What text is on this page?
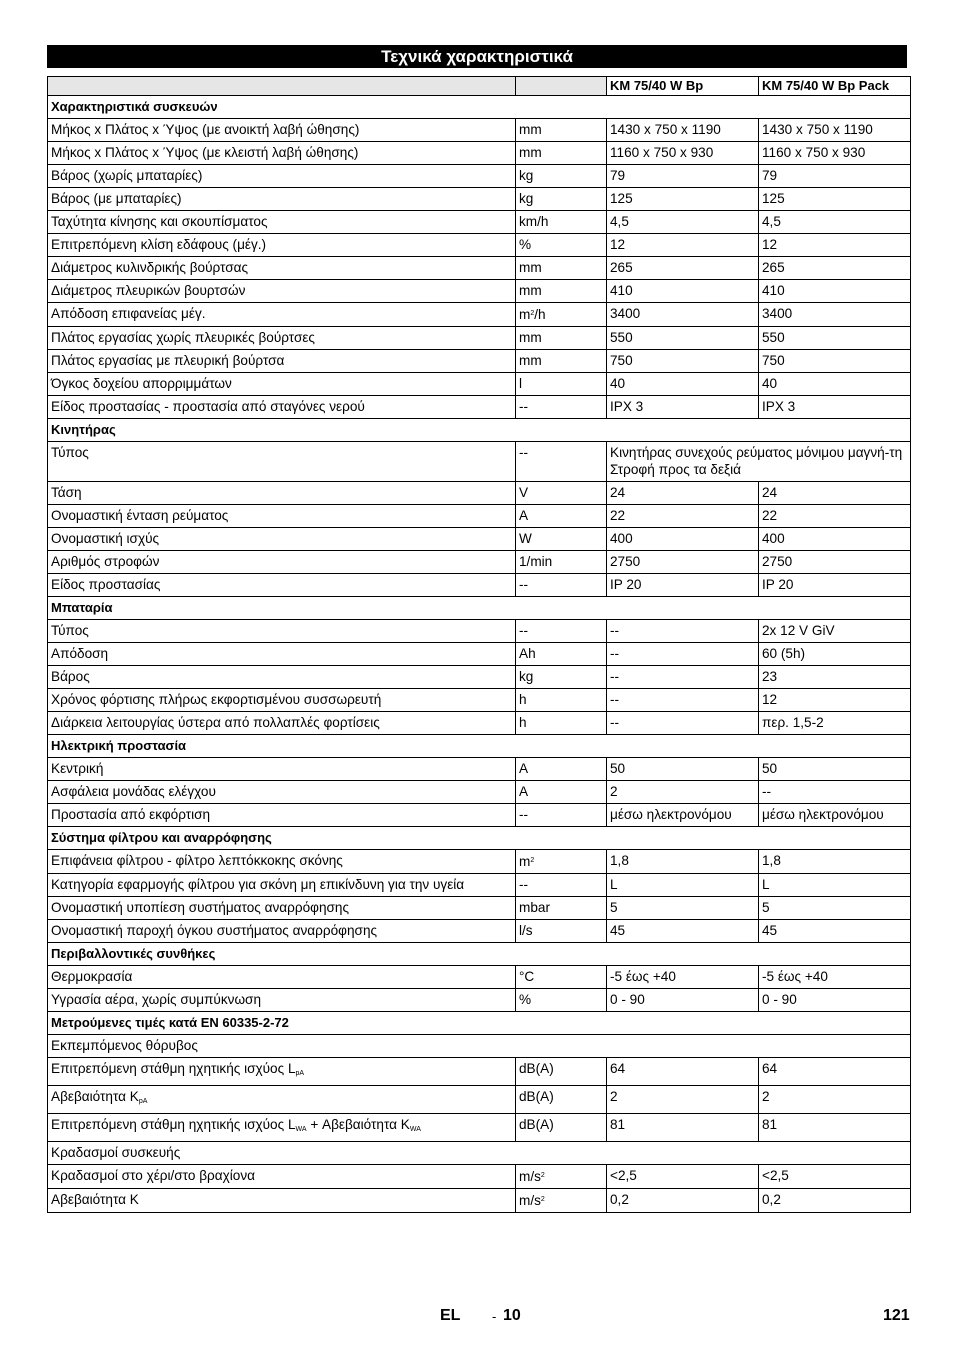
Τεχνικά χαρακτηριστικά
		KM 75/40 W Bp	KM 75/40 W Bp Pack
Χαρακτηριστικά συσκευών			
Μήκος x Πλάτος x Ύψος (με ανοικτή λαβή ώθησης)	mm	1430 x 750 x 1190	1430 x 750 x 1190
Μήκος x Πλάτος x Ύψος (με κλειστή λαβή ώθησης)	mm	1160 x 750 x 930	1160 x 750 x 930
Βάρος (χωρίς μπαταρίες)	kg	79	79
Βάρος (με μπαταρίες)	kg	125	125
Ταχύτητα κίνησης και σκουπίσματος	km/h	4,5	4,5
Επιτρεπόμενη κλίση εδάφους (μέγ.)	%	12	12
Διάμετρος κυλινδρικής βούρτσας	mm	265	265
Διάμετρος πλευρικών βουρτσών	mm	410	410
Απόδοση επιφανείας μέγ.	$m^2/h$	3400	3400
Πλάτος εργασίας χωρίς πλευρικές βούρτσες	mm	550	550
Πλάτος εργασίας με πλευρική βούρτσα	mm	750	750
Όγκος δοχείου απορριμμάτων	l	40	40
Είδος προστασίας - προστασία από σταγόνες νερού	--	IPX 3	IPX 3
Κινητήρας			
Τύπος	--	Κινητήρας συνεχούς ρεύματος μόνιμου μαγνή-τη
Στροφή προς τα δεξιά	

Τάση	V	24	24
Ονομαστική ένταση ρεύματος	A	22	22
Ονομαστική ισχύς	W	400	400
Αριθμός στροφών	1/min	2750	2750
Είδος προστασίας	--	IP 20	IP 20
Μπαταρία			
Τύπος	--	--	2x 12 V GiV
Απόδοση	Ah	--	60 (5h)
Βάρος	kg	--	23
Χρόνος φόρτισης πλήρως εκφορτισμένου συσσωρευτή	h	--	12
Διάρκεια λειτουργίας ύστερα από πολλαπλές φορτίσεις	h	--	περ. 1,5-2
Ηλεκτρική προστασία			
Κεντρική	A	50	50
Ασφάλεια μονάδας ελέγχου	A	2	--
Προστασία από εκφόρτιση	--	μέσω ηλεκτρονόμου	μέσω ηλεκτρονόμου
Σύστημα φίλτρου και αναρρόφησης			
Επιφάνεια φίλτρου - φίλτρο λεπτόκκοκης σκόνης	$m^2$	1,8	1,8
Κατηγορία εφαρμογής φίλτρου για σκόνη μη επικίνδυνη για την υγεία	--	L	L
Ονομαστική υποπίεση συστήματος αναρρόφησης	mbar	5	5
Ονομαστική παροχή όγκου συστήματος αναρρόφησης	l/s	45	45
Περιβαλλοντικές συνθήκες			
Θερμοκρασία	°C	-5 έως +40	-5 έως +40
Υγρασία αέρα, χωρίς συμπύκνωση	%	0 - 90	0 - 90
Μετρούμενες τιμές κατά EN 60335-2-72			
Εκπεμπόμενος θόρυβος			
Επιτρεπόμενη στάθμη ηχητικής ισχύος $L_{pA}$	dB(A)	64	64
Αβεβαιότητα $K_{pA}$	dB(A)	2	2
Επιτρεπόμενη στάθμη ηχητικής ισχύος $L_{WA} + A\beta\varepsilon\beta\alpha\iota ό\tau\eta\tau\alpha$ $K_{WA}$	dB(A)	81	81
Κραδασμοί συσκευής			
Κραδασμοί στο χέρι/στο βραχίονα	$m/s^2$	<2,5	<2,5
Αβεβαιότητα K	$m/s^2$	0,2	0,2
EL - 10	121
